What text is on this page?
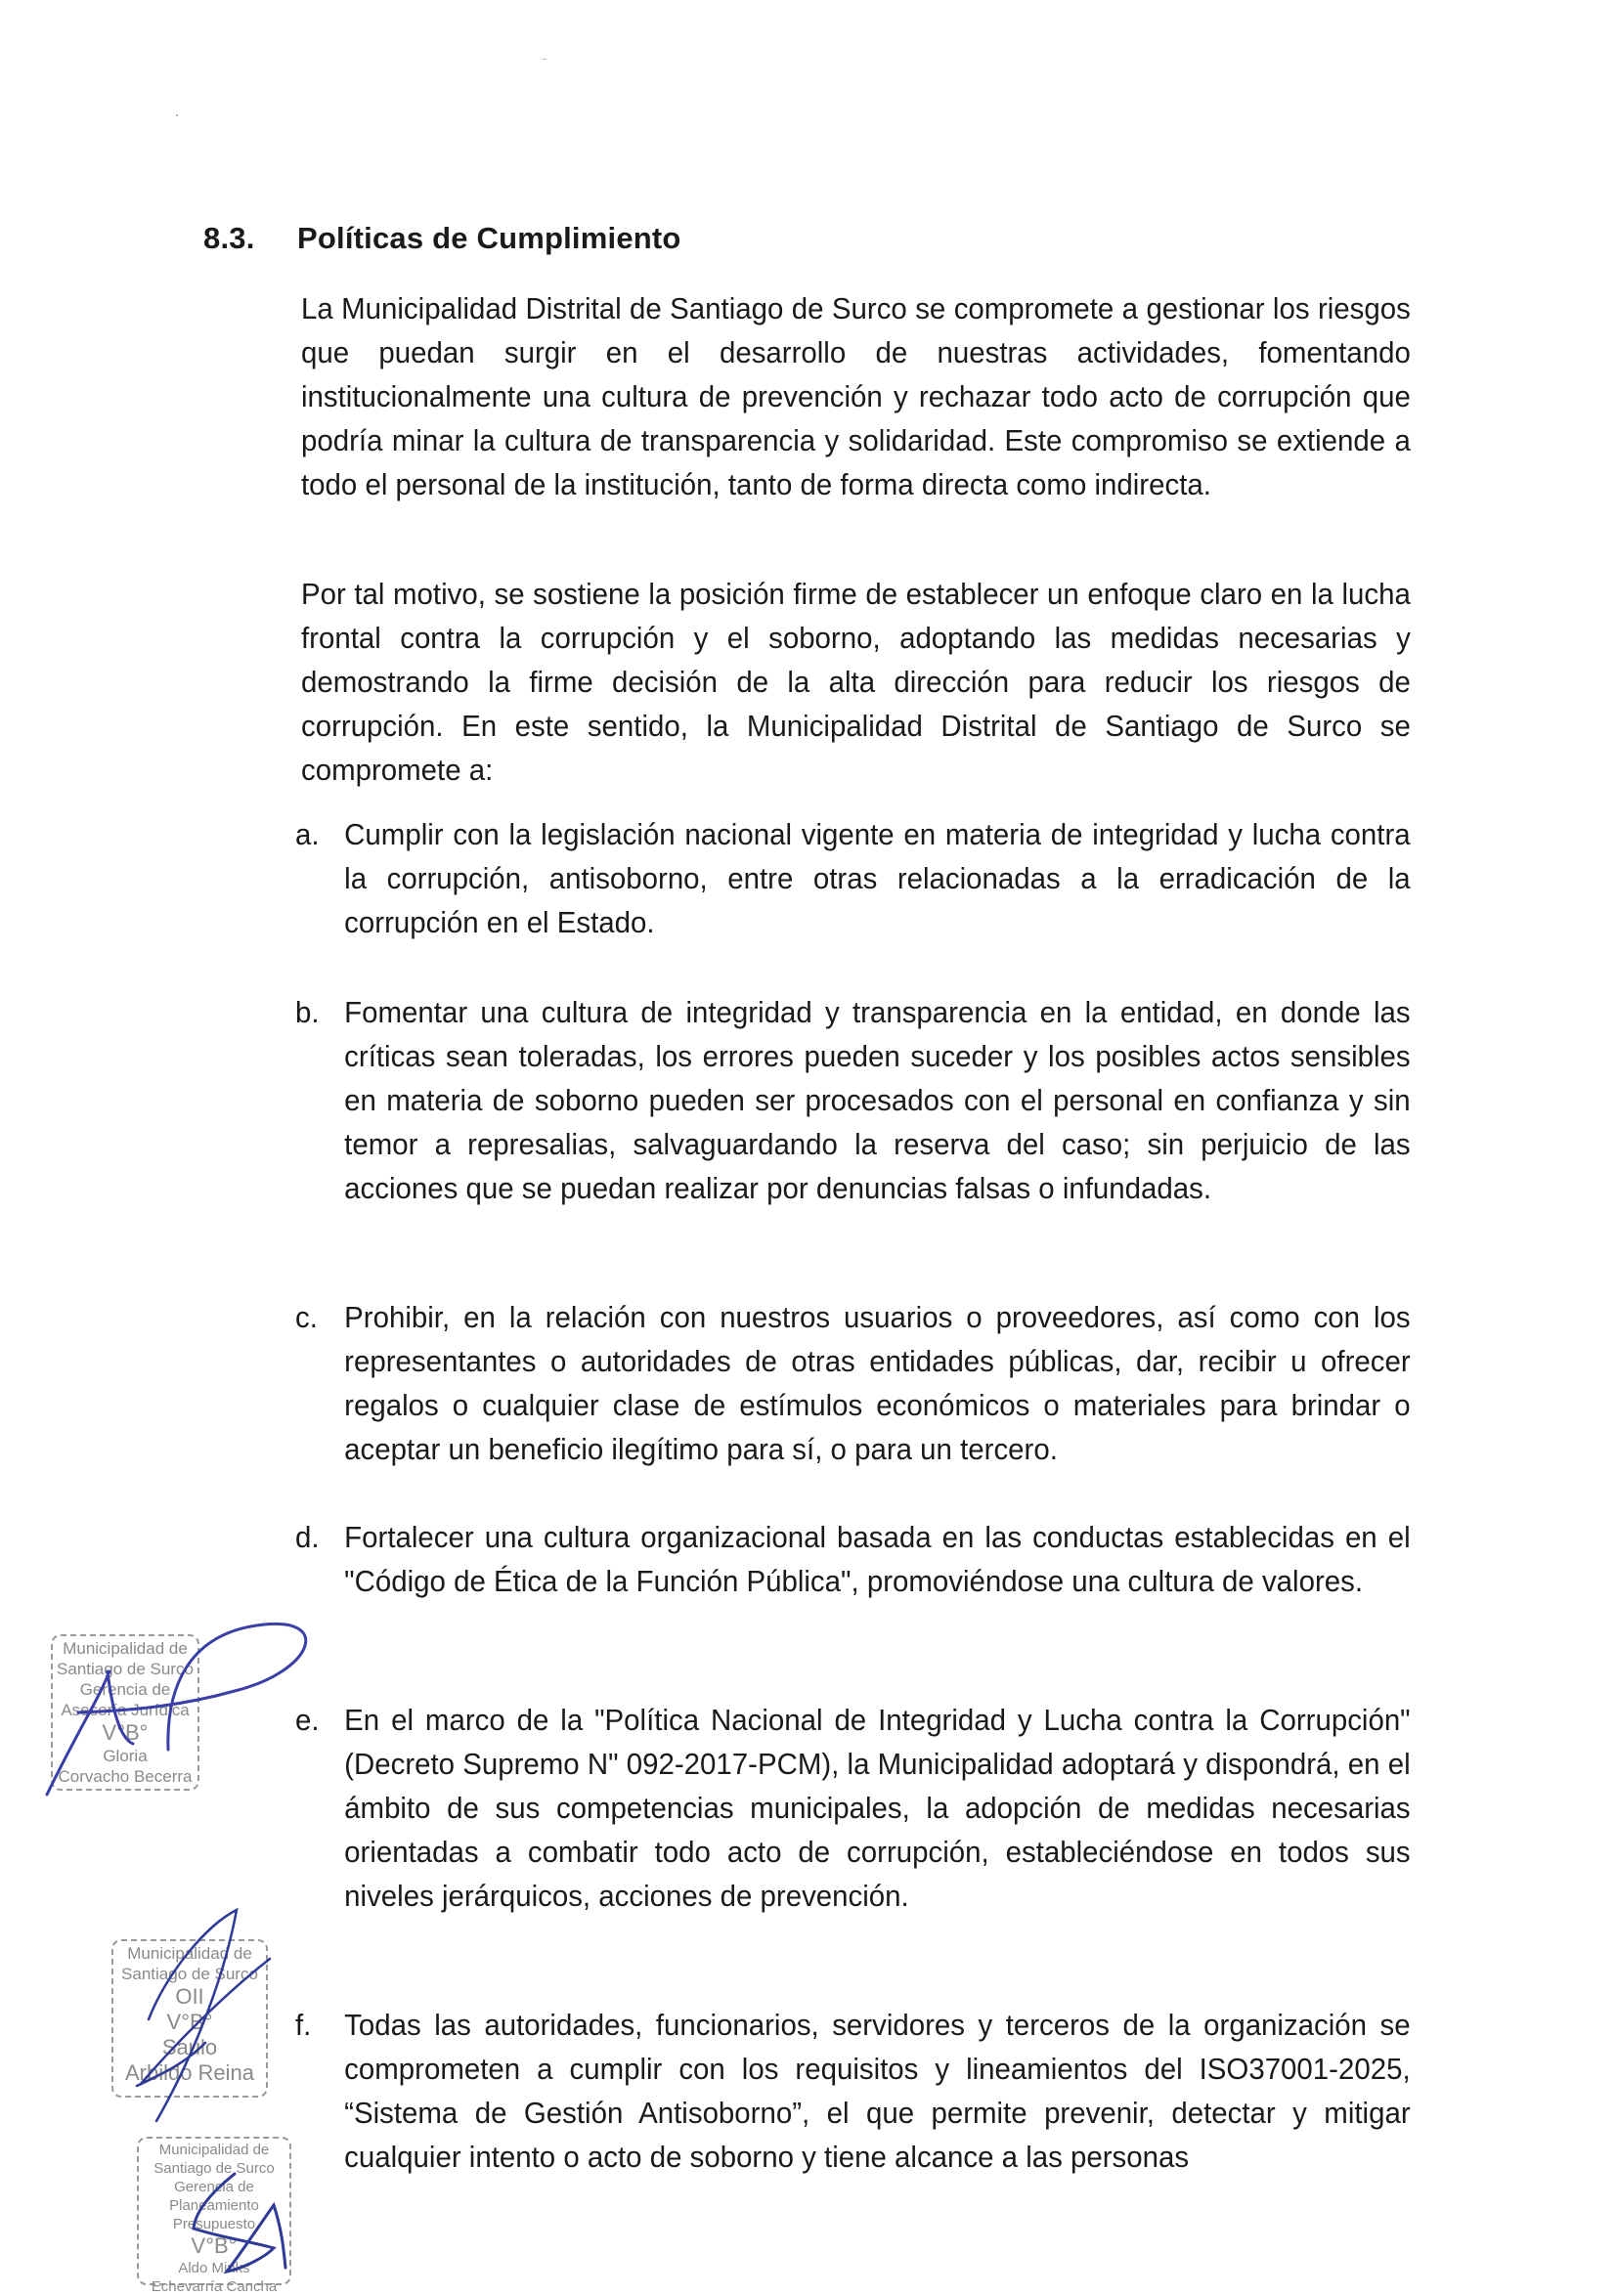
8.3. Políticas de Cumplimiento
La Municipalidad Distrital de Santiago de Surco se compromete a gestionar los riesgos que puedan surgir en el desarrollo de nuestras actividades, fomentando institucionalmente una cultura de prevención y rechazar todo acto de corrupción que podría minar la cultura de transparencia y solidaridad. Este compromiso se extiende a todo el personal de la institución, tanto de forma directa como indirecta.
Por tal motivo, se sostiene la posición firme de establecer un enfoque claro en la lucha frontal contra la corrupción y el soborno, adoptando las medidas necesarias y demostrando la firme decisión de la alta dirección para reducir los riesgos de corrupción. En este sentido, la Municipalidad Distrital de Santiago de Surco se compromete a:
a. Cumplir con la legislación nacional vigente en materia de integridad y lucha contra la corrupción, antisoborno, entre otras relacionadas a la erradicación de la corrupción en el Estado.
b. Fomentar una cultura de integridad y transparencia en la entidad, en donde las críticas sean toleradas, los errores pueden suceder y los posibles actos sensibles en materia de soborno pueden ser procesados con el personal en confianza y sin temor a represalias, salvaguardando la reserva del caso; sin perjuicio de las acciones que se puedan realizar por denuncias falsas o infundadas.
c. Prohibir, en la relación con nuestros usuarios o proveedores, así como con los representantes o autoridades de otras entidades públicas, dar, recibir u ofrecer regalos o cualquier clase de estímulos económicos o materiales para brindar o aceptar un beneficio ilegítimo para sí, o para un tercero.
d. Fortalecer una cultura organizacional basada en las conductas establecidas en el "Código de Ética de la Función Pública", promoviéndose una cultura de valores.
e. En el marco de la "Política Nacional de Integridad y Lucha contra la Corrupción" (Decreto Supremo N" 092-2017-PCM), la Municipalidad adoptará y dispondrá, en el ámbito de sus competencias municipales, la adopción de medidas necesarias orientadas a combatir todo acto de corrupción, estableciéndose en todos sus niveles jerárquicos, acciones de prevención.
f.	Todas las autoridades, funcionarios, servidores y terceros de la organización se comprometen a cumplir con los requisitos y lineamientos del ISO37001-2025, “Sistema de Gestión Antisoborno”, el que permite prevenir, detectar y mitigar cualquier intento o acto de soborno y tiene alcance a las personas
Municipalidad de
Santiago de Surco
Gerencia de
Asesoría Jurídica
V°B°
Gloria
Corvacho Becerra
Municipalidad de
Santiago de Surco
OII
V°B°
Saulo
Arbildo Reina
Municipalidad de
Santiago de Surco
Gerencia de Planeamiento
Presupuesto
V°B°
Aldo Minks
Echevarría Cancha
